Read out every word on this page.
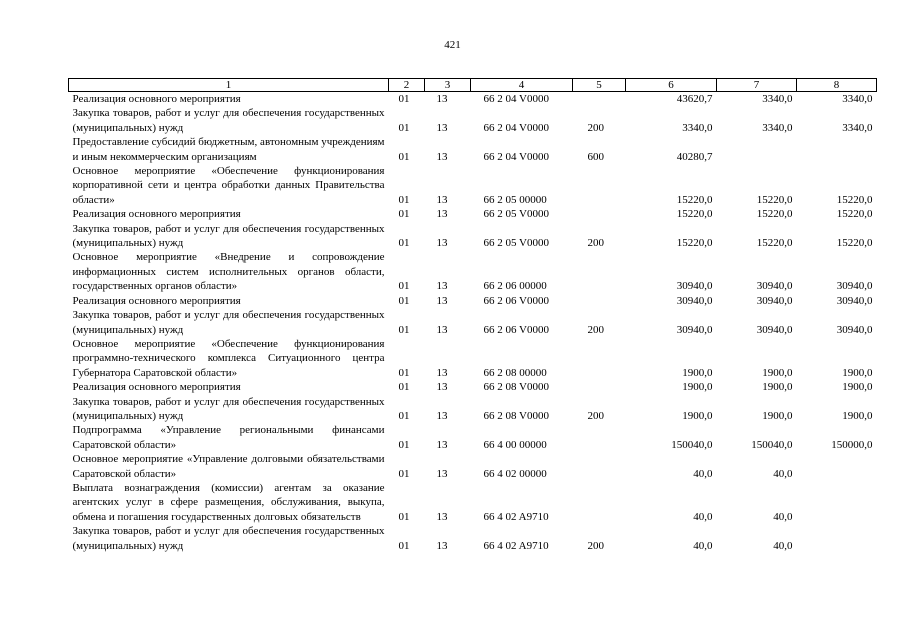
421
1	2	3	4	5	6	7	8
Реализация основного мероприятия	01	13	66 2 04 V0000		43620,7	3340,0	3340,0
Закупка товаров, работ и услуг для обеспечения государственных (муниципальных) нужд	01	13	66 2 04 V0000	200	3340,0	3340,0	3340,0
Предоставление субсидий бюджетным, автономным учреждениям и иным некоммерческим организациям	01	13	66 2 04 V0000	600	40280,7		
Основное мероприятие «Обеспечение функционирования корпоративной сети и центра обработки данных Правительства области»	01	13	66 2 05 00000		15220,0	15220,0	15220,0
Реализация основного мероприятия	01	13	66 2 05 V0000		15220,0	15220,0	15220,0
Закупка товаров, работ и услуг для обеспечения государственных (муниципальных) нужд	01	13	66 2 05 V0000	200	15220,0	15220,0	15220,0
Основное мероприятие «Внедрение и сопровождение информационных систем исполнительных органов области, государственных органов области»	01	13	66 2 06 00000		30940,0	30940,0	30940,0
Реализация основного мероприятия	01	13	66 2 06 V0000		30940,0	30940,0	30940,0
Закупка товаров, работ и услуг для обеспечения государственных (муниципальных) нужд	01	13	66 2 06 V0000	200	30940,0	30940,0	30940,0
Основное мероприятие «Обеспечение функционирования программно-технического комплекса Ситуационного центра Губернатора Саратовской области»	01	13	66 2 08 00000		1900,0	1900,0	1900,0
Реализация основного мероприятия	01	13	66 2 08 V0000		1900,0	1900,0	1900,0
Закупка товаров, работ и услуг для обеспечения государственных (муниципальных) нужд	01	13	66 2 08 V0000	200	1900,0	1900,0	1900,0
Подпрограмма «Управление региональными финансами Саратовской области»	01	13	66 4 00 00000		150040,0	150040,0	150000,0
Основное мероприятие «Управление долговыми обязательствами Саратовской области»	01	13	66 4 02 00000		40,0	40,0	
Выплата вознаграждения (комиссии) агентам за оказание агентских услуг в сфере размещения, обслуживания, выкупа, обмена и погашения государственных долговых обязательств	01	13	66 4 02 A9710		40,0	40,0	
Закупка товаров, работ и услуг для обеспечения государственных (муниципальных) нужд	01	13	66 4 02 A9710	200	40,0	40,0	
